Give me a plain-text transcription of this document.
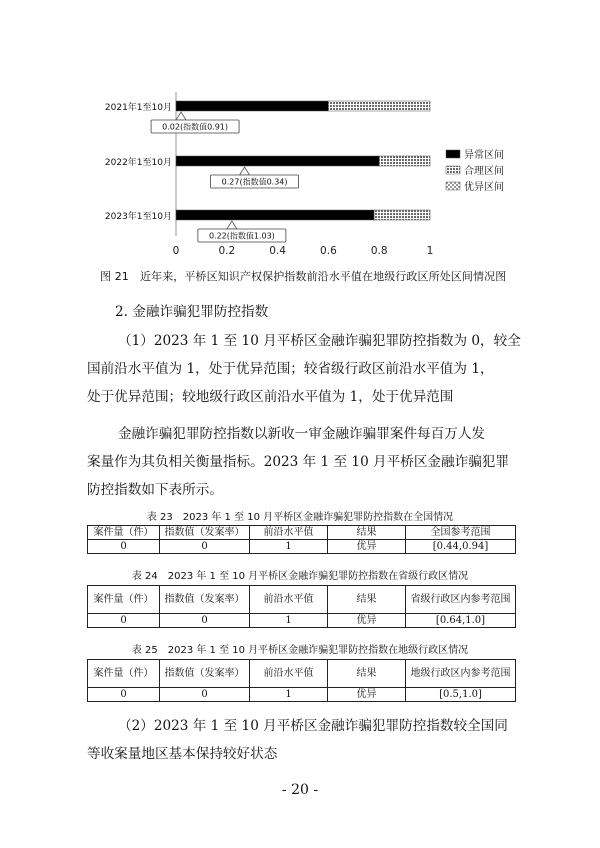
0	0.2	0.4	0.6	0.8	1
2021年1至10月
0.02(指数值0.91)
2022年1至10月
0.27(指数值0.34)
2023年1至10月
0.22(指数值1.03)
异常区间
合理区间
优异区间
图 21　近年来，平桥区知识产权保护指数前沿水平值在地级行政区所处区间情况图
2. 金融诈骗犯罪防控指数
（1）2023 年 1 至 10 月平桥区金融诈骗犯罪防控指数为 0，较全
国前沿水平值为 1，处于优异范围；较省级行政区前沿水平值为 1，
处于优异范围；较地级行政区前沿水平值为 1，处于优异范围
金融诈骗犯罪防控指数以新收一审金融诈骗罪案件每百万人发
案量作为其负相关衡量指标。2023 年 1 至 10 月平桥区金融诈骗犯罪
防控指数如下表所示。
表 23　2023 年 1 至 10 月平桥区金融诈骗犯罪防控指数在全国情况
案件量（件）	指数值（发案率）	前沿水平值	结果	全国参考范围
0	0	1	优异	[0.44,0.94]
表 24　2023 年 1 至 10 月平桥区金融诈骗犯罪防控指数在省级行政区情况
案件量（件）	指数值（发案率）	前沿水平值	结果	省级行政区内参考范围
0	0	1	优异	[0.64,1.0]
表 25　2023 年 1 至 10 月平桥区金融诈骗犯罪防控指数在地级行政区情况
案件量（件）	指数值（发案率）	前沿水平值	结果	地级行政区内参考范围
0	0	1	优异	[0.5,1.0]
（2）2023 年 1 至 10 月平桥区金融诈骗犯罪防控指数较全国同
等收案量地区基本保持较好状态
- 20 -
